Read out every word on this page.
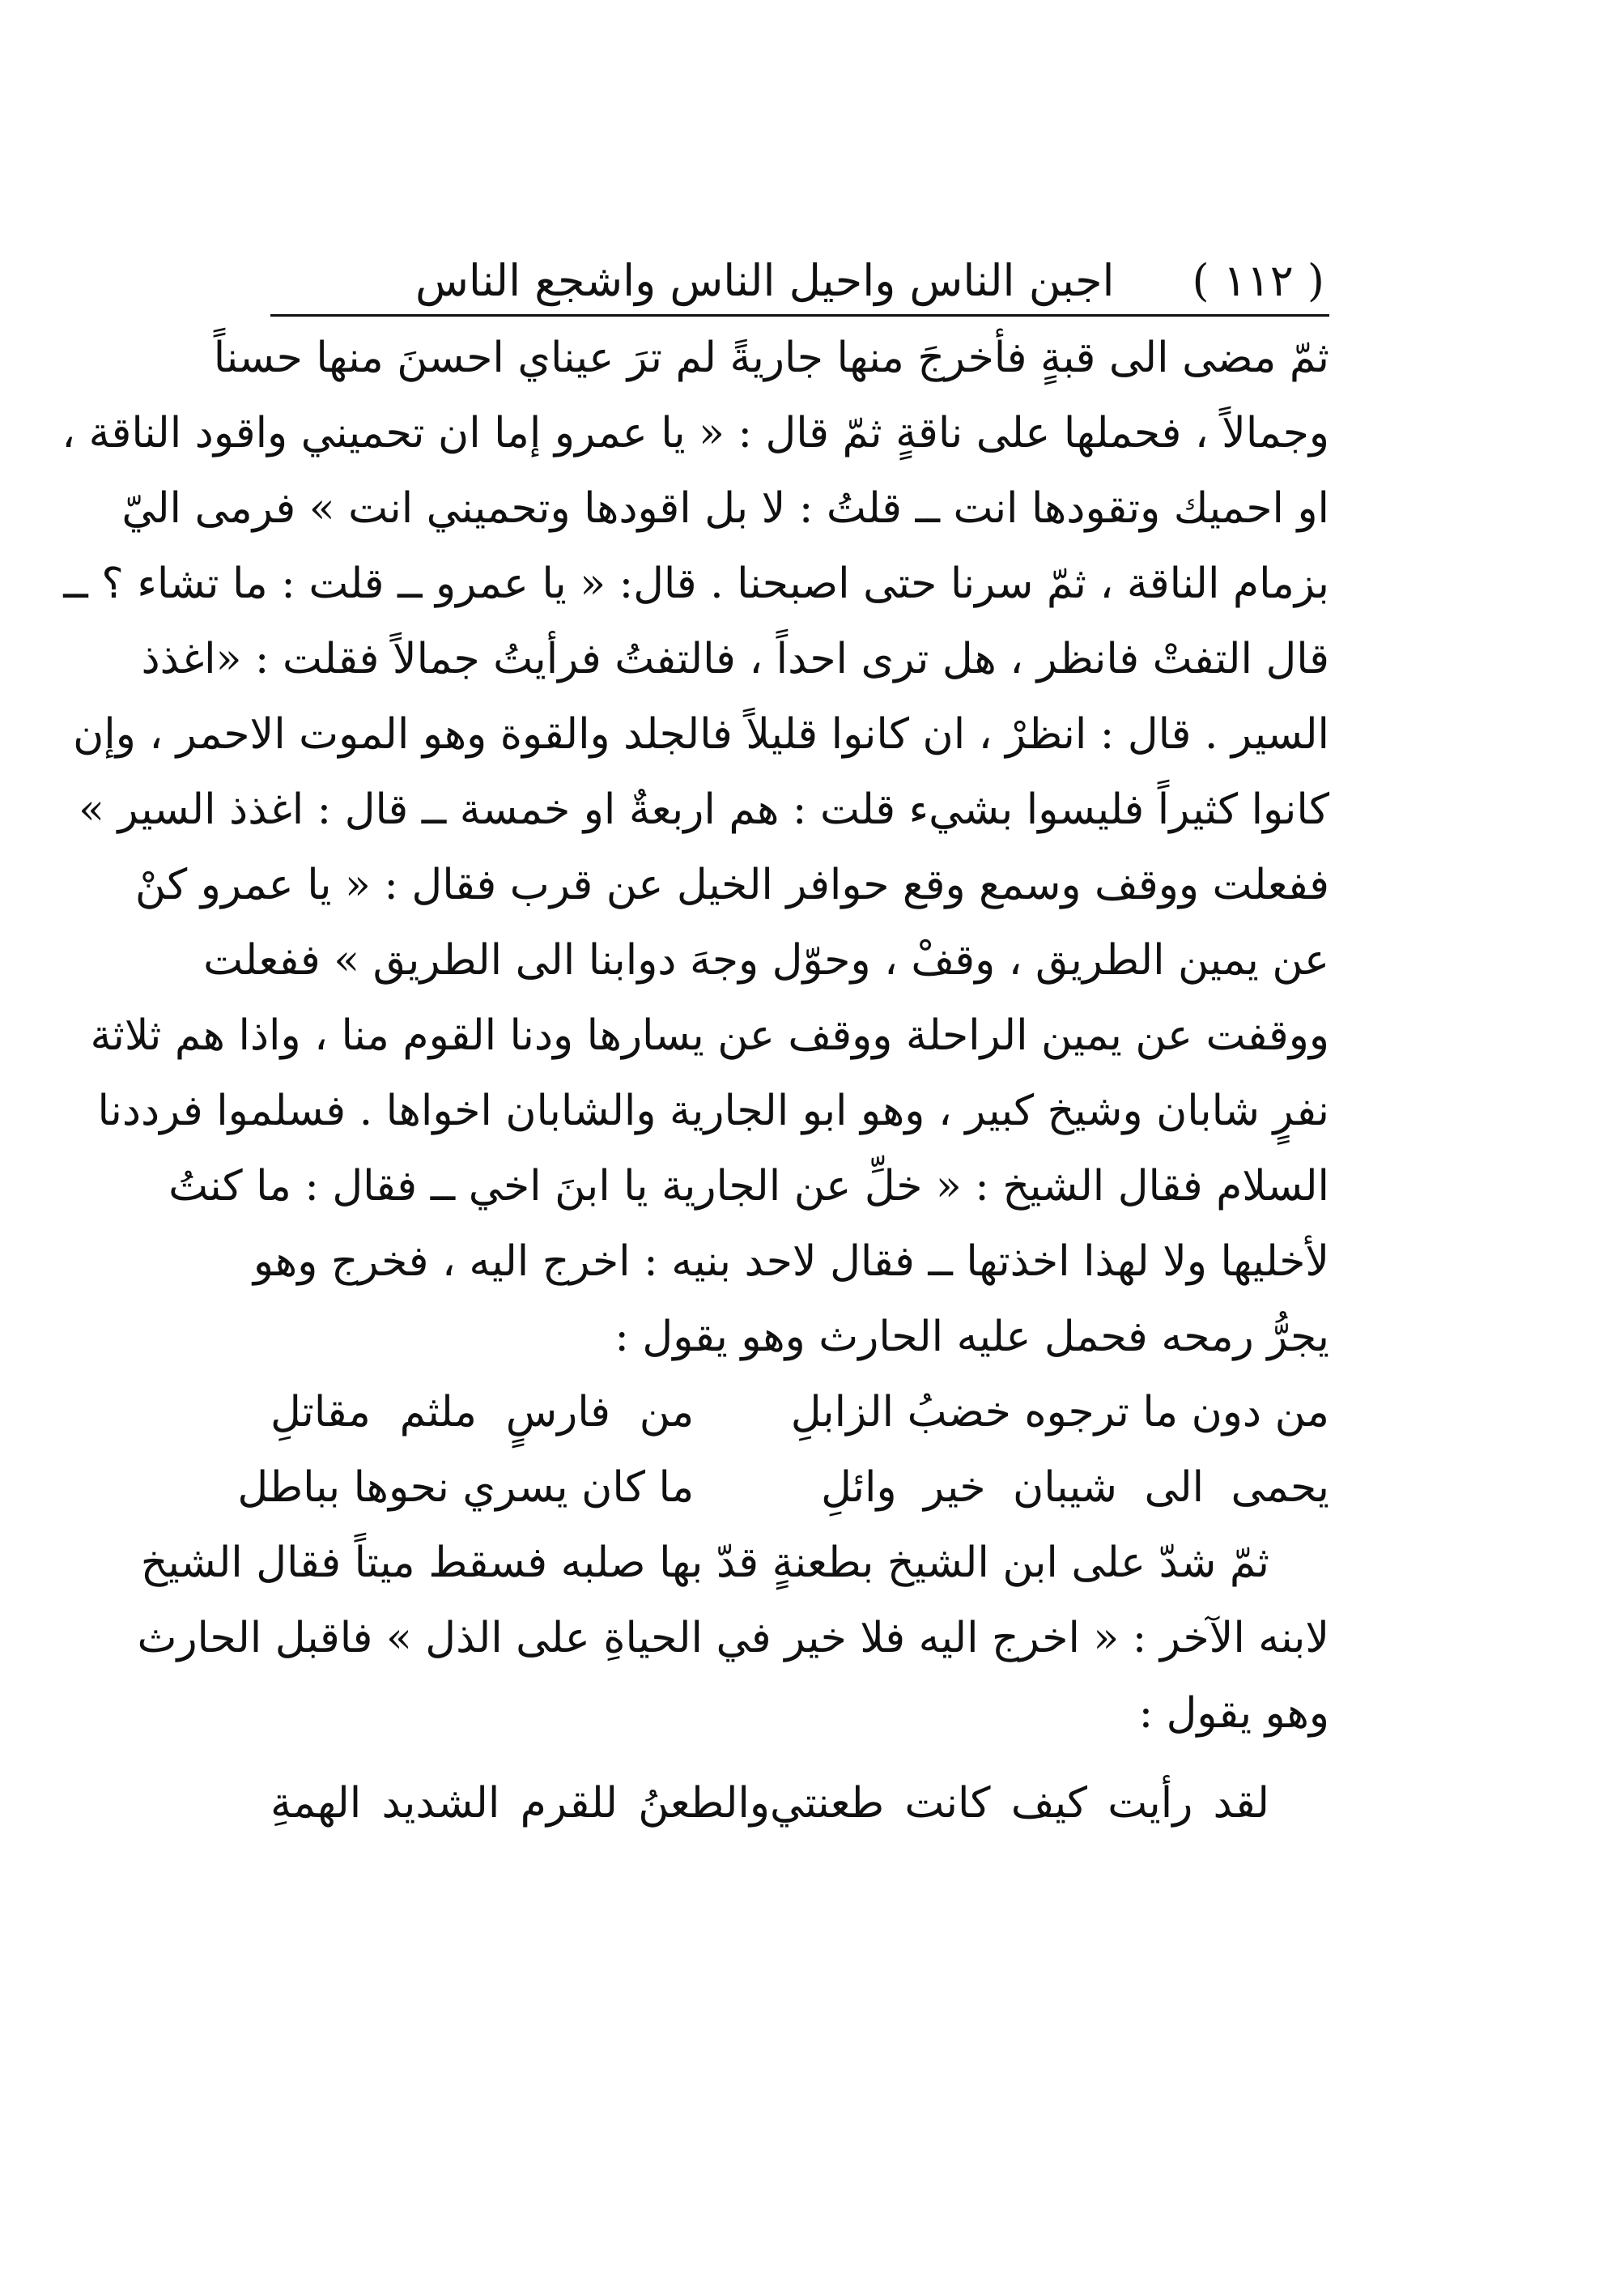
( ١١٢ )
اجبن الناس واحيل الناس واشجع الناس
ثمّ مضى الى قبةٍ فأخرجَ منها جاريةً لم ترَ عيناي احسنَ منها حسناً
وجمالاً ، فحملها على ناقةٍ ثمّ قال : « يا عمرو إما ان تحميني واقود الناقة ،
او احميك وتقودها انت ــ قلتُ : لا بل اقودها وتحميني انت » فرمى اليّ
بزمام الناقة ، ثمّ سرنا حتى اصبحنا . قال: « يا عمرو ــ قلت : ما تشاء ؟ ــ
قال التفتْ فانظر ، هل ترى احداً ، فالتفتُ فرأيتُ جمالاً فقلت : «اغذذ
السير . قال : انظرْ ، ان كانوا قليلاً فالجلد والقوة وهو الموت الاحمر ، وإن
كانوا كثيراً فليسوا بشيء قلت : هم اربعةٌ او خمسة ــ قال : اغذذ السير »
ففعلت ووقف وسمع وقع حوافر الخيل عن قرب فقال : « يا عمرو كنْ
عن يمين الطريق ، وقفْ ، وحوّل وجهَ دوابنا الى الطريق » ففعلت
ووقفت عن يمين الراحلة ووقف عن يسارها ودنا القوم منا ، واذا هم ثلاثة
نفرٍ شابان وشيخ كبير ، وهو ابو الجارية والشابان اخواها . فسلموا فرددنا
السلام فقال الشيخ : « خلِّ عن الجارية يا ابنَ اخي ــ فقال : ما كنتُ
لأخليها ولا لهذا اخذتها ــ فقال لاحد بنيه : اخرج اليه ، فخرج وهو
يجرُّ رمحه فحمل عليه الحارث وهو يقول :
من دون ما ترجوه خضبُ الزابلِ
من فارسٍ ملثم مقاتلِ
يحمى الى شيبان خير وائلِ
ما كان يسري نحوها بباطل
ثمّ شدّ على ابن الشيخ بطعنةٍ قدّ بها صلبه فسقط ميتاً فقال الشيخ
لابنه الآخر : « اخرج اليه فلا خير في الحياةِ على الذل » فاقبل الحارث
وهو يقول :
لقد رأيت كيف كانت طعنتي
والطعنُ للقرم الشديد الهمةِ
